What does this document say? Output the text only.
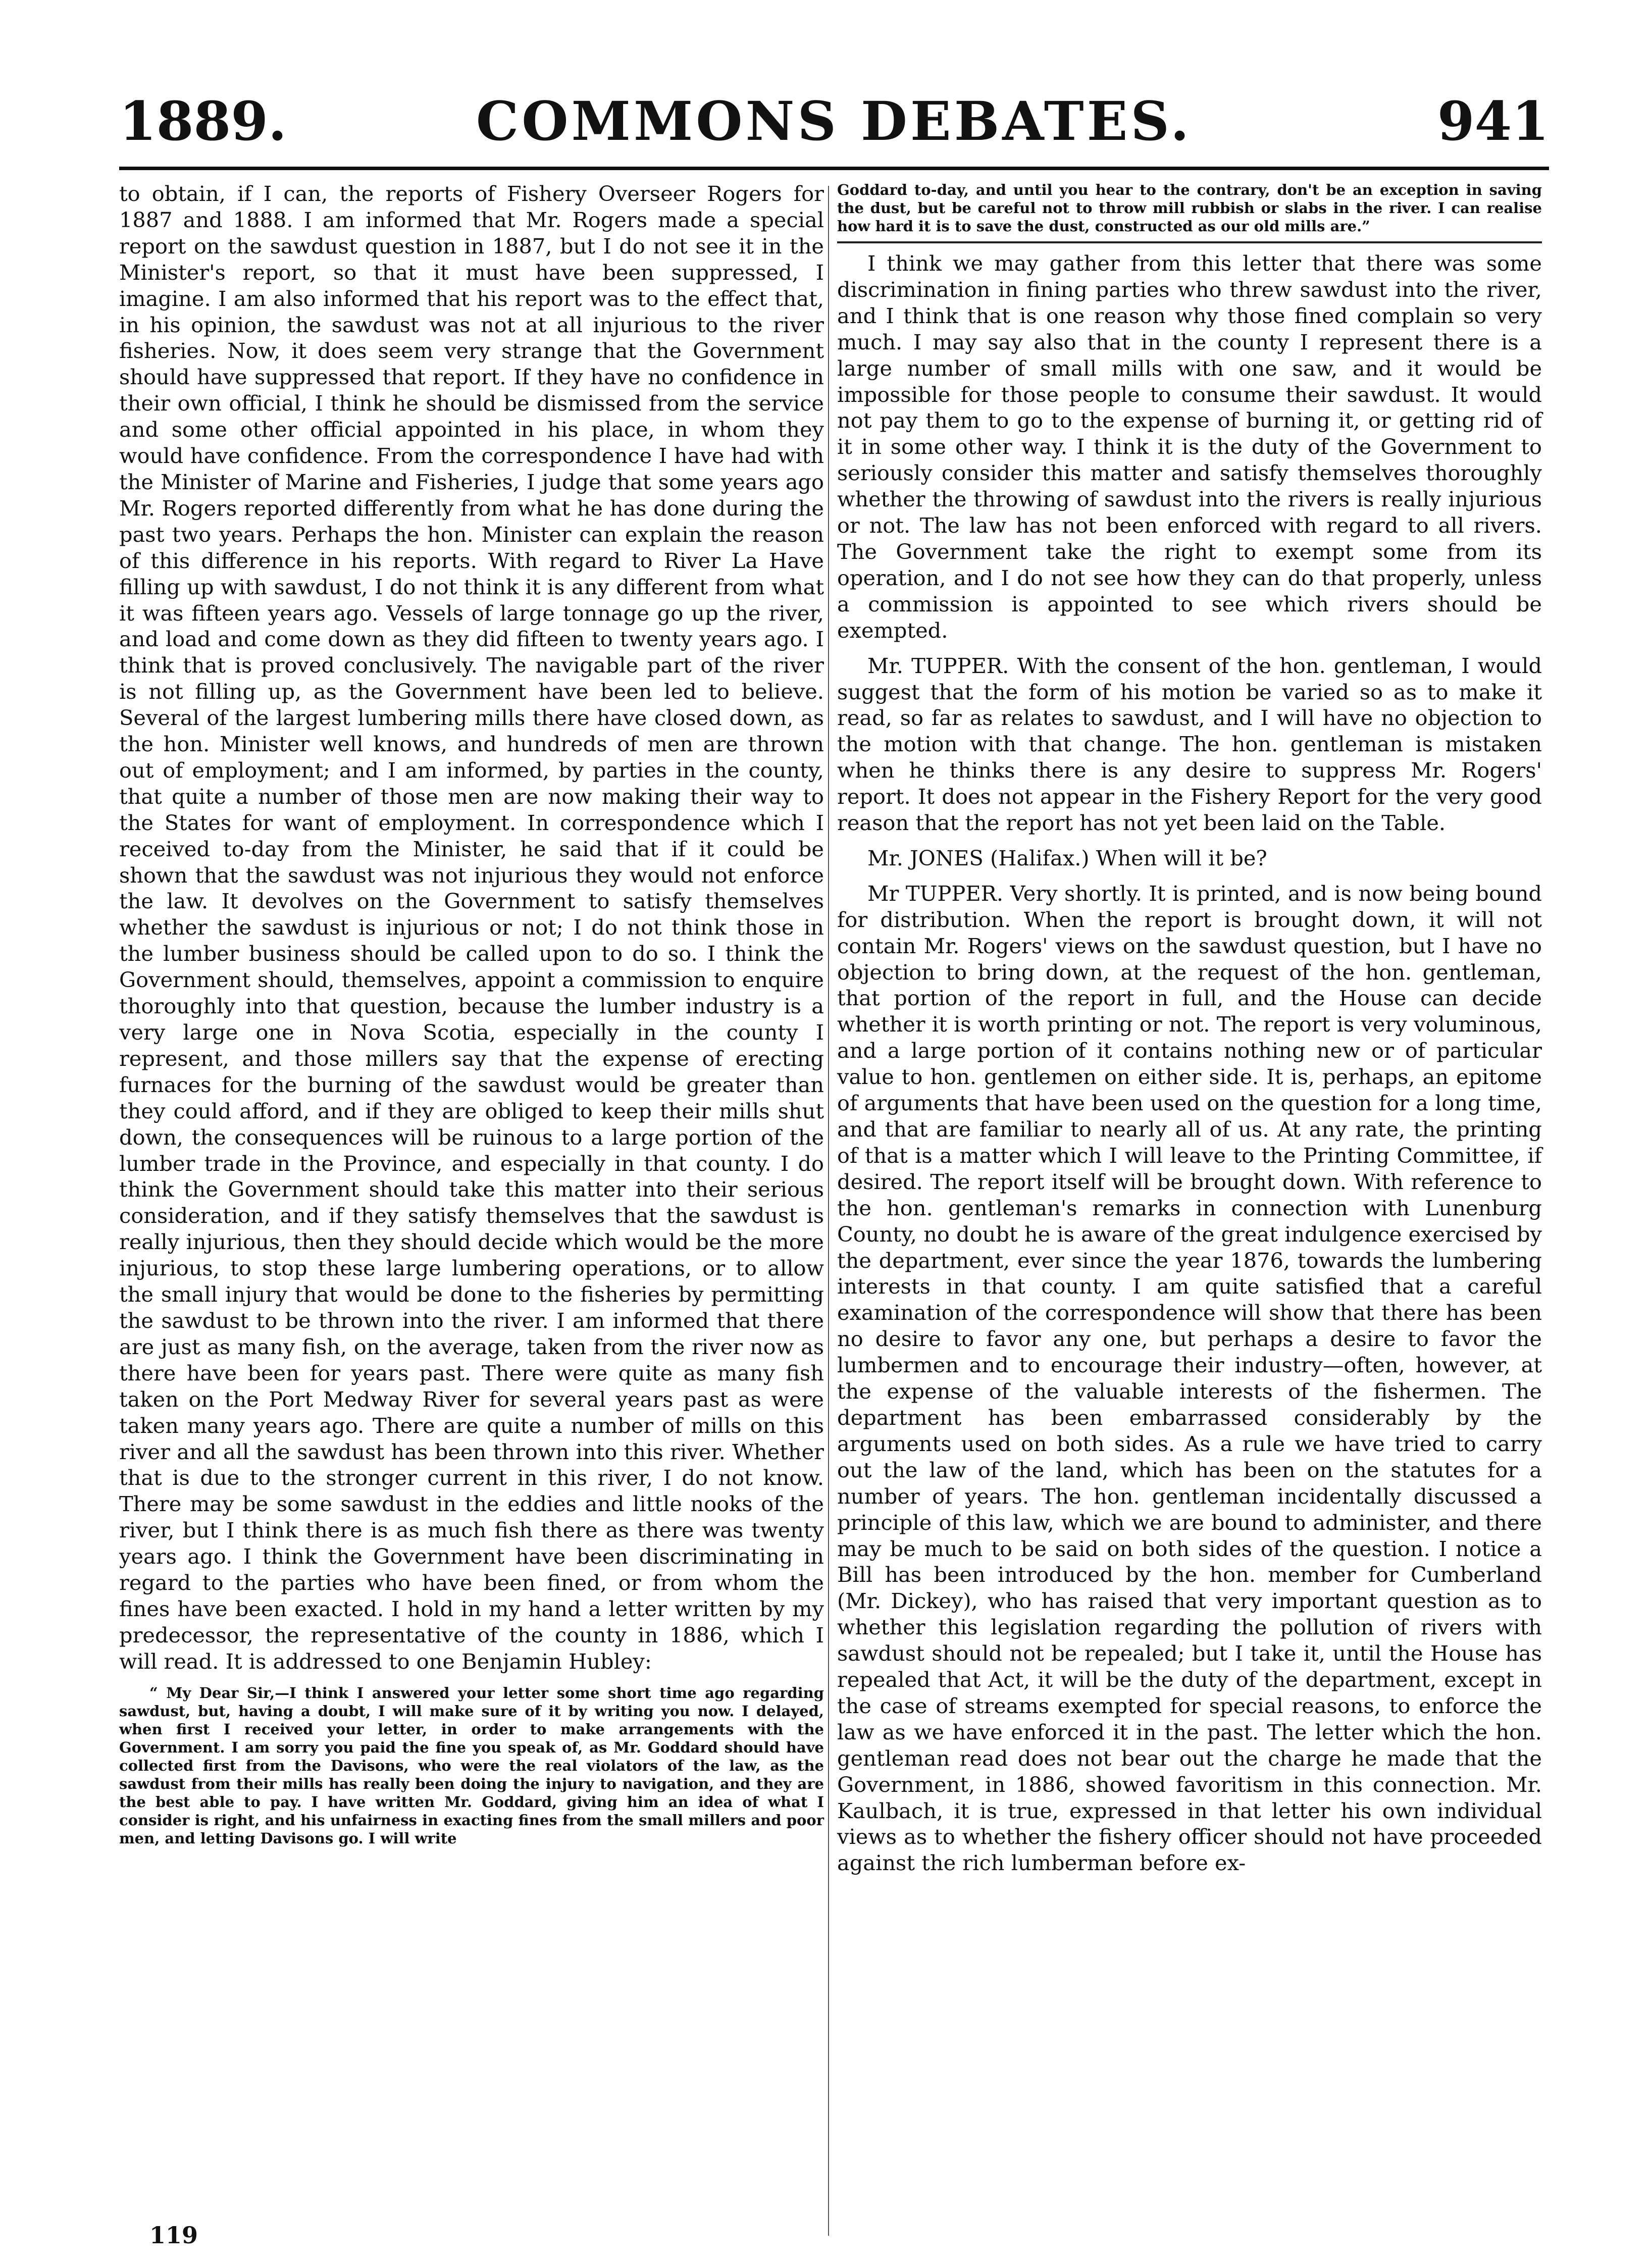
1889.	COMMONS DEBATES.	941

to obtain, if I can, the reports of Fishery Overseer Rogers for 1887 and 1888. I am informed that Mr. Rogers made a special report on the sawdust question in 1887, but I do not see it in the Minister's report, so that it must have been suppressed, I imagine. I am also informed that his report was to the effect that, in his opinion, the sawdust was not at all injurious to the river fisheries. Now, it does seem very strange that the Government should have suppressed that report. If they have no confidence in their own official, I think he should be dismissed from the service and some other official appointed in his place, in whom they would have confidence. From the correspondence I have had with the Minister of Marine and Fisheries, I judge that some years ago Mr. Rogers reported differently from what he has done during the past two years. Perhaps the hon. Minister can explain the reason of this difference in his reports. With regard to River La Have filling up with sawdust, I do not think it is any different from what it was fifteen years ago. Vessels of large tonnage go up the river, and load and come down as they did fifteen to twenty years ago. I think that is proved conclusively. The navigable part of the river is not filling up, as the Government have been led to believe. Several of the largest lumbering mills there have closed down, as the hon. Minister well knows, and hundreds of men are thrown out of employment; and I am informed, by parties in the county, that quite a number of those men are now making their way to the States for want of employment. In correspondence which I received to-day from the Minister, he said that if it could be shown that the sawdust was not injurious they would not enforce the law. It devolves on the Government to satisfy themselves whether the sawdust is injurious or not; I do not think those in the lumber business should be called upon to do so. I think the Government should, themselves, appoint a commission to enquire thoroughly into that question, because the lumber industry is a very large one in Nova Scotia, especially in the county I represent, and those millers say that the expense of erecting furnaces for the burning of the sawdust would be greater than they could afford, and if they are obliged to keep their mills shut down, the consequences will be ruinous to a large portion of the lumber trade in the Province, and especially in that county. I do think the Government should take this matter into their serious consideration, and if they satisfy themselves that the sawdust is really injurious, then they should decide which would be the more injurious, to stop these large lumbering operations, or to allow the small injury that would be done to the fisheries by permitting the sawdust to be thrown into the river. I am informed that there are just as many fish, on the average, taken from the river now as there have been for years past. There were quite as many fish taken on the Port Medway River for several years past as were taken many years ago. There are quite a number of mills on this river and all the sawdust has been thrown into this river. Whether that is due to the stronger current in this river, I do not know. There may be some sawdust in the eddies and little nooks of the river, but I think there is as much fish there as there was twenty years ago. I think the Government have been discriminating in regard to the parties who have been fined, or from whom the fines have been exacted. I hold in my hand a letter written by my predecessor, the representative of the county in 1886, which I will read. It is addressed to one Benjamin Hubley:

“ My Dear Sir,—I think I answered your letter some short time ago regarding sawdust, but, having a doubt, I will make sure of it by writing you now. I delayed, when first I received your letter, in order to make arrangements with the Government. I am sorry you paid the fine you speak of, as Mr. Goddard should have collected first from the Davisons, who were the real violators of the law, as the sawdust from their mills has really been doing the injury to navigation, and they are the best able to pay. I have written Mr. Goddard, giving him an idea of what I consider is right, and his unfairness in exacting fines from the small millers and poor men, and letting Davisons go. I will write

Goddard to-day, and until you hear to the contrary, don't be an exception in saving the dust, but be careful not to throw mill rubbish or slabs in the river. I can realise how hard it is to save the dust, constructed as our old mills are.”

I think we may gather from this letter that there was some discrimination in fining parties who threw sawdust into the river, and I think that is one reason why those fined complain so very much. I may say also that in the county I represent there is a large number of small mills with one saw, and it would be impossible for those people to consume their sawdust. It would not pay them to go to the expense of burning it, or getting rid of it in some other way. I think it is the duty of the Government to seriously consider this matter and satisfy themselves thoroughly whether the throwing of sawdust into the rivers is really injurious or not. The law has not been enforced with regard to all rivers. The Government take the right to exempt some from its operation, and I do not see how they can do that properly, unless a commission is appointed to see which rivers should be exempted.

Mr. TUPPER. With the consent of the hon. gentleman, I would suggest that the form of his motion be varied so as to make it read, so far as relates to sawdust, and I will have no objection to the motion with that change. The hon. gentleman is mistaken when he thinks there is any desire to suppress Mr. Rogers' report. It does not appear in the Fishery Report for the very good reason that the report has not yet been laid on the Table.

Mr. JONES (Halifax.) When will it be?

Mr TUPPER. Very shortly. It is printed, and is now being bound for distribution. When the report is brought down, it will not contain Mr. Rogers' views on the sawdust question, but I have no objection to bring down, at the request of the hon. gentleman, that portion of the report in full, and the House can decide whether it is worth printing or not. The report is very voluminous, and a large portion of it contains nothing new or of particular value to hon. gentlemen on either side. It is, perhaps, an epitome of arguments that have been used on the question for a long time, and that are familiar to nearly all of us. At any rate, the printing of that is a matter which I will leave to the Printing Committee, if desired. The report itself will be brought down. With reference to the hon. gentleman's remarks in connection with Lunenburg County, no doubt he is aware of the great indulgence exercised by the department, ever since the year 1876, towards the lumbering interests in that county. I am quite satisfied that a careful examination of the correspondence will show that there has been no desire to favor any one, but perhaps a desire to favor the lumbermen and to encourage their industry—often, however, at the expense of the valuable interests of the fishermen. The department has been embarrassed considerably by the arguments used on both sides. As a rule we have tried to carry out the law of the land, which has been on the statutes for a number of years. The hon. gentleman incidentally discussed a principle of this law, which we are bound to administer, and there may be much to be said on both sides of the question. I notice a Bill has been introduced by the hon. member for Cumberland (Mr. Dickey), who has raised that very important question as to whether this legislation regarding the pollution of rivers with sawdust should not be repealed; but I take it, until the House has repealed that Act, it will be the duty of the department, except in the case of streams exempted for special reasons, to enforce the law as we have enforced it in the past. The letter which the hon. gentleman read does not bear out the charge he made that the Government, in 1886, showed favoritism in this connection. Mr. Kaulbach, it is true, expressed in that letter his own individual views as to whether the fishery officer should not have proceeded against the rich lumberman before ex-

119
